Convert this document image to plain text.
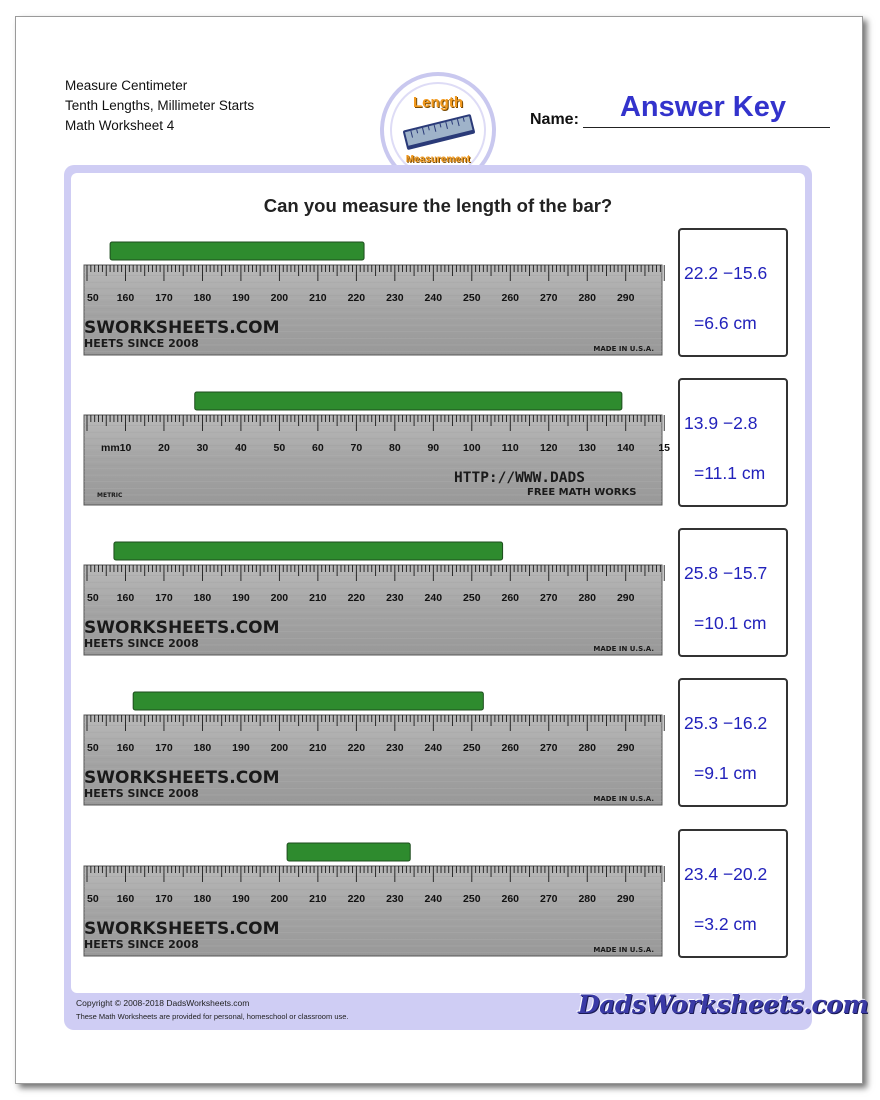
Measure Centimeter
Tenth Lengths, Millimeter Starts
Math Worksheet 4
Length
Measurement
Name:	Answer Key
Can you measure the length of the bar?
50 160 170 180 190 200 210 220 230 240 250 260 270 280 290
SWORKSHEETS.COM
HEETS SINCE 2008	MADE IN U.S.A.
22.2 −15.6
=6.6 cm
mm 10	20	30	40	50	60	70	80	90 100 110 120 130 140 15
HTTP://WWW.DADS
FREE MATH WORKS
METRIC
13.9 −2.8
=11.1 cm
50 160 170 180 190 200 210 220 230 240 250 260 270 280 290
SWORKSHEETS.COM
HEETS SINCE 2008	MADE IN U.S.A.
25.8 −15.7
=10.1 cm
50 160 170 180 190 200 210 220 230 240 250 260 270 280 290
SWORKSHEETS.COM
HEETS SINCE 2008	MADE IN U.S.A.
25.3 −16.2
=9.1 cm
50 160 170 180 190 200 210 220 230 240 250 260 270 280 290
SWORKSHEETS.COM
HEETS SINCE 2008	MADE IN U.S.A.
23.4 −20.2
=3.2 cm
Copyright © 2008-2018 DadsWorksheets.com
These Math Worksheets are provided for personal, homeschool or classroom use.	DadsWorksheets.com
